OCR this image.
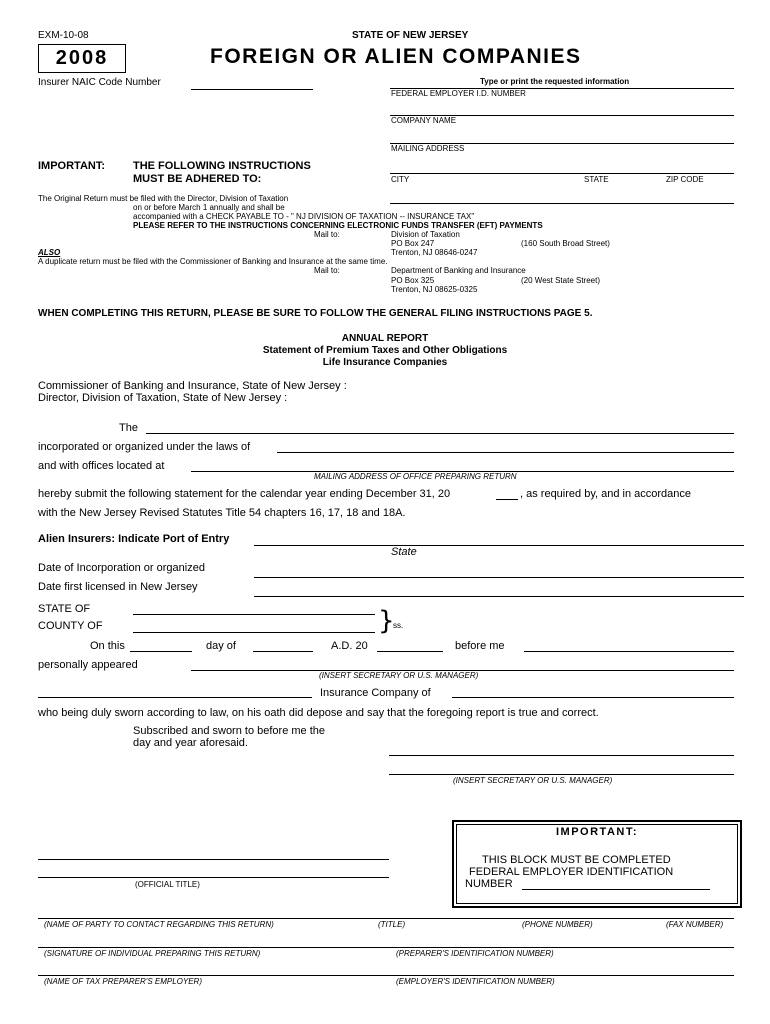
EXM-10-08	STATE OF NEW JERSEY
2008	FOREIGN OR ALIEN COMPANIES
Insurer NAIC Code Number	Type or print the requested information
FEDERAL EMPLOYER I.D. NUMBER
COMPANY NAME
MAILING ADDRESS
CITY	STATE	ZIP CODE
IMPORTANT:	THE FOLLOWING INSTRUCTIONS
MUST BE ADHERED TO:
The Original Return must be filed with the Director, Division of Taxation
on or before March 1 annually and shall be
accompanied with a CHECK PAYABLE TO - " NJ DIVISION OF TAXATION -- INSURANCE TAX"
PLEASE REFER TO THE INSTRUCTIONS CONCERNING ELECTRONIC FUNDS TRANSFER (EFT) PAYMENTS
Mail to:	Division of Taxation
PO Box 247	(160 South Broad Street)
ALSO	Trenton, NJ 08646-0247
A duplicate return must be filed with the Commissioner of Banking and Insurance at the same time.
Mail to:	Department of Banking and Insurance
PO Box 325	(20 West State Street)
Trenton, NJ 08625-0325
WHEN COMPLETING THIS RETURN, PLEASE BE SURE TO FOLLOW THE GENERAL FILING INSTRUCTIONS PAGE 5.
ANNUAL REPORT
Statement of Premium Taxes and Other Obligations
Life Insurance Companies
Commissioner of Banking and Insurance, State of New Jersey :
Director, Division of Taxation, State of New Jersey :
The
incorporated or organized under the laws of
and with offices located at
MAILING ADDRESS OF OFFICE PREPARING RETURN
hereby submit the following statement for the calendar year ending December 31, 20	, as required by, and in accordance
with the New Jersey Revised Statutes Title 54 chapters 16, 17, 18 and 18A.
Alien Insurers: Indicate Port of Entry
State
Date of Incorporation or organized
Date first licensed in New Jersey
STATE OF
COUNTY OF	}
ss.
On this	day of	A.D. 20	before me
personally appeared
(INSERT SECRETARY OR U.S. MANAGER)
Insurance Company of
who being duly sworn according to law, on his oath did depose and say that the foregoing report is true and correct.
Subscribed and sworn to before me the
day and year aforesaid.
(INSERT SECRETARY OR U.S. MANAGER)
(OFFICIAL TITLE)
IMPORTANT:
THIS BLOCK MUST BE COMPLETED
FEDERAL EMPLOYER IDENTIFICATION
NUMBER
(NAME OF PARTY TO CONTACT REGARDING THIS RETURN)	(TITLE)	(PHONE NUMBER)	(FAX NUMBER)
(SIGNATURE OF INDIVIDUAL PREPARING THIS RETURN)	(PREPARER'S IDENTIFICATION NUMBER)
(NAME OF TAX PREPARER'S EMPLOYER)	(EMPLOYER'S IDENTIFICATION NUMBER)
